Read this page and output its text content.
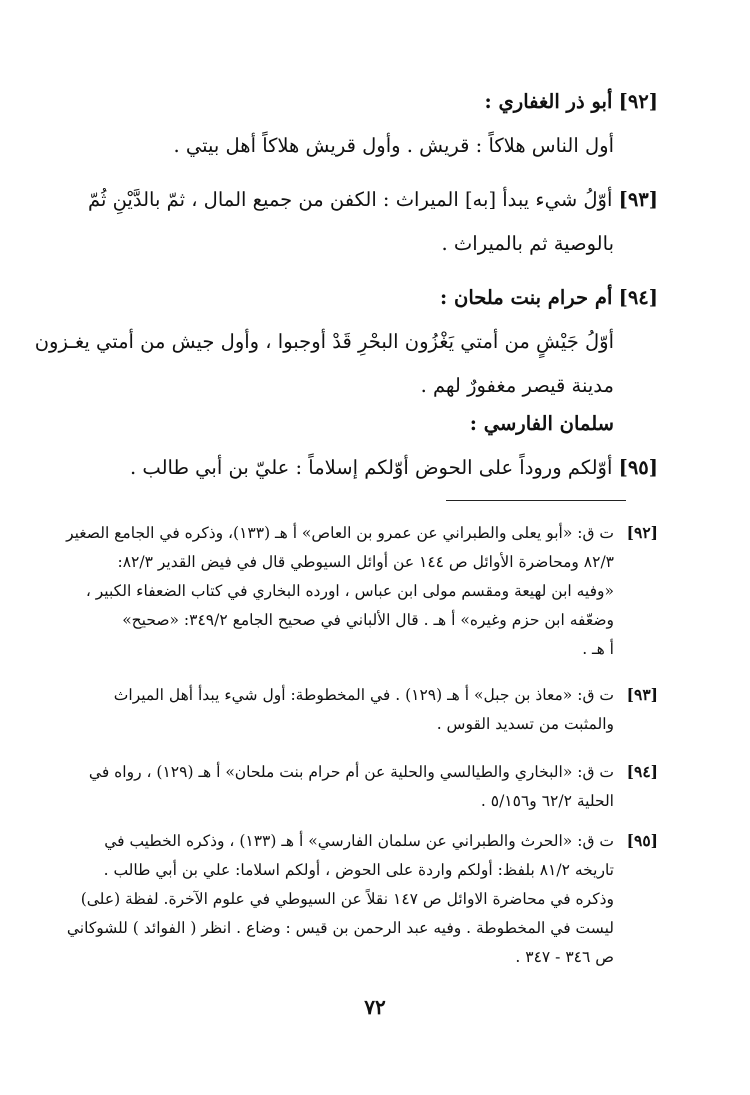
[٩٢] أبو ذر الغفاري :
أول الناس هلاكاً : قريش . وأول قريش هلاكاً أهل بيتي .
[٩٣] أوّلُ شيء يبدأ [به] الميراث : الكفن من جميع المال ، ثمّ بالدَّيْنِ ثُمّ
بالوصية ثم بالميراث .
[٩٤] أم حرام بنت ملحان :
أوّلُ جَيْشٍ من أمتي يَغْزُون البحْرِ قَدْ أوجبوا ، وأول جيش من أمتي يغـزون
مدينة قيصر مغفورٌ لهم .
سلمان الفارسي :
[٩٥] أوّلكم وروداً على الحوض أوّلكم إسلاماً : عليّ بن أبي طالب .
[٩٢]ت ق: «أبو يعلى والطبراني عن عمرو بن العاص» أ هـ (١٣٣)، وذكره في الجامع الصغير
٨٢/٣ ومحاضرة الأوائل ص ١٤٤ عن أوائل السيوطي قال في فيض القدير ٨٢/٣:
«وفيه ابن لهيعة ومقسم مولى ابن عباس ، اورده البخاري في كتاب الضعفاء الكبير ،
وضعّفه ابن حزم وغيره» أ هـ . قال الألباني في صحيح الجامع ٣٤٩/٢: «صحيح»
أ هـ .
[٩٣]ت ق: «معاذ بن جبل» أ هـ (١٢٩) . في المخطوطة: أول شيء يبدأ أهل الميراث
والمثبت من تسديد القوس .
[٩٤]ت ق: «البخاري والطيالسي والحلية عن أم حرام بنت ملحان» أ هـ (١٢٩) ، رواه في
الحلية ٦٢/٢ و٥/١٥٦ .
[٩٥]ت ق: «الحرث والطبراني عن سلمان الفارسي» أ هـ (١٣٣) ، وذكره الخطيب في
تاريخه ٨١/٢ بلفظ: أولكم واردة على الحوض ، أولكم اسلاما: علي بن أبي طالب .
وذكره في محاضرة الاوائل ص ١٤٧ نقلاً عن السيوطي في علوم الآخرة. لفظة (على)
ليست في المخطوطة . وفيه عبد الرحمن بن قيس : وضاع . انظر ( الفوائد ) للشوكاني
ص ٣٤٦ - ٣٤٧ .
٧٢
